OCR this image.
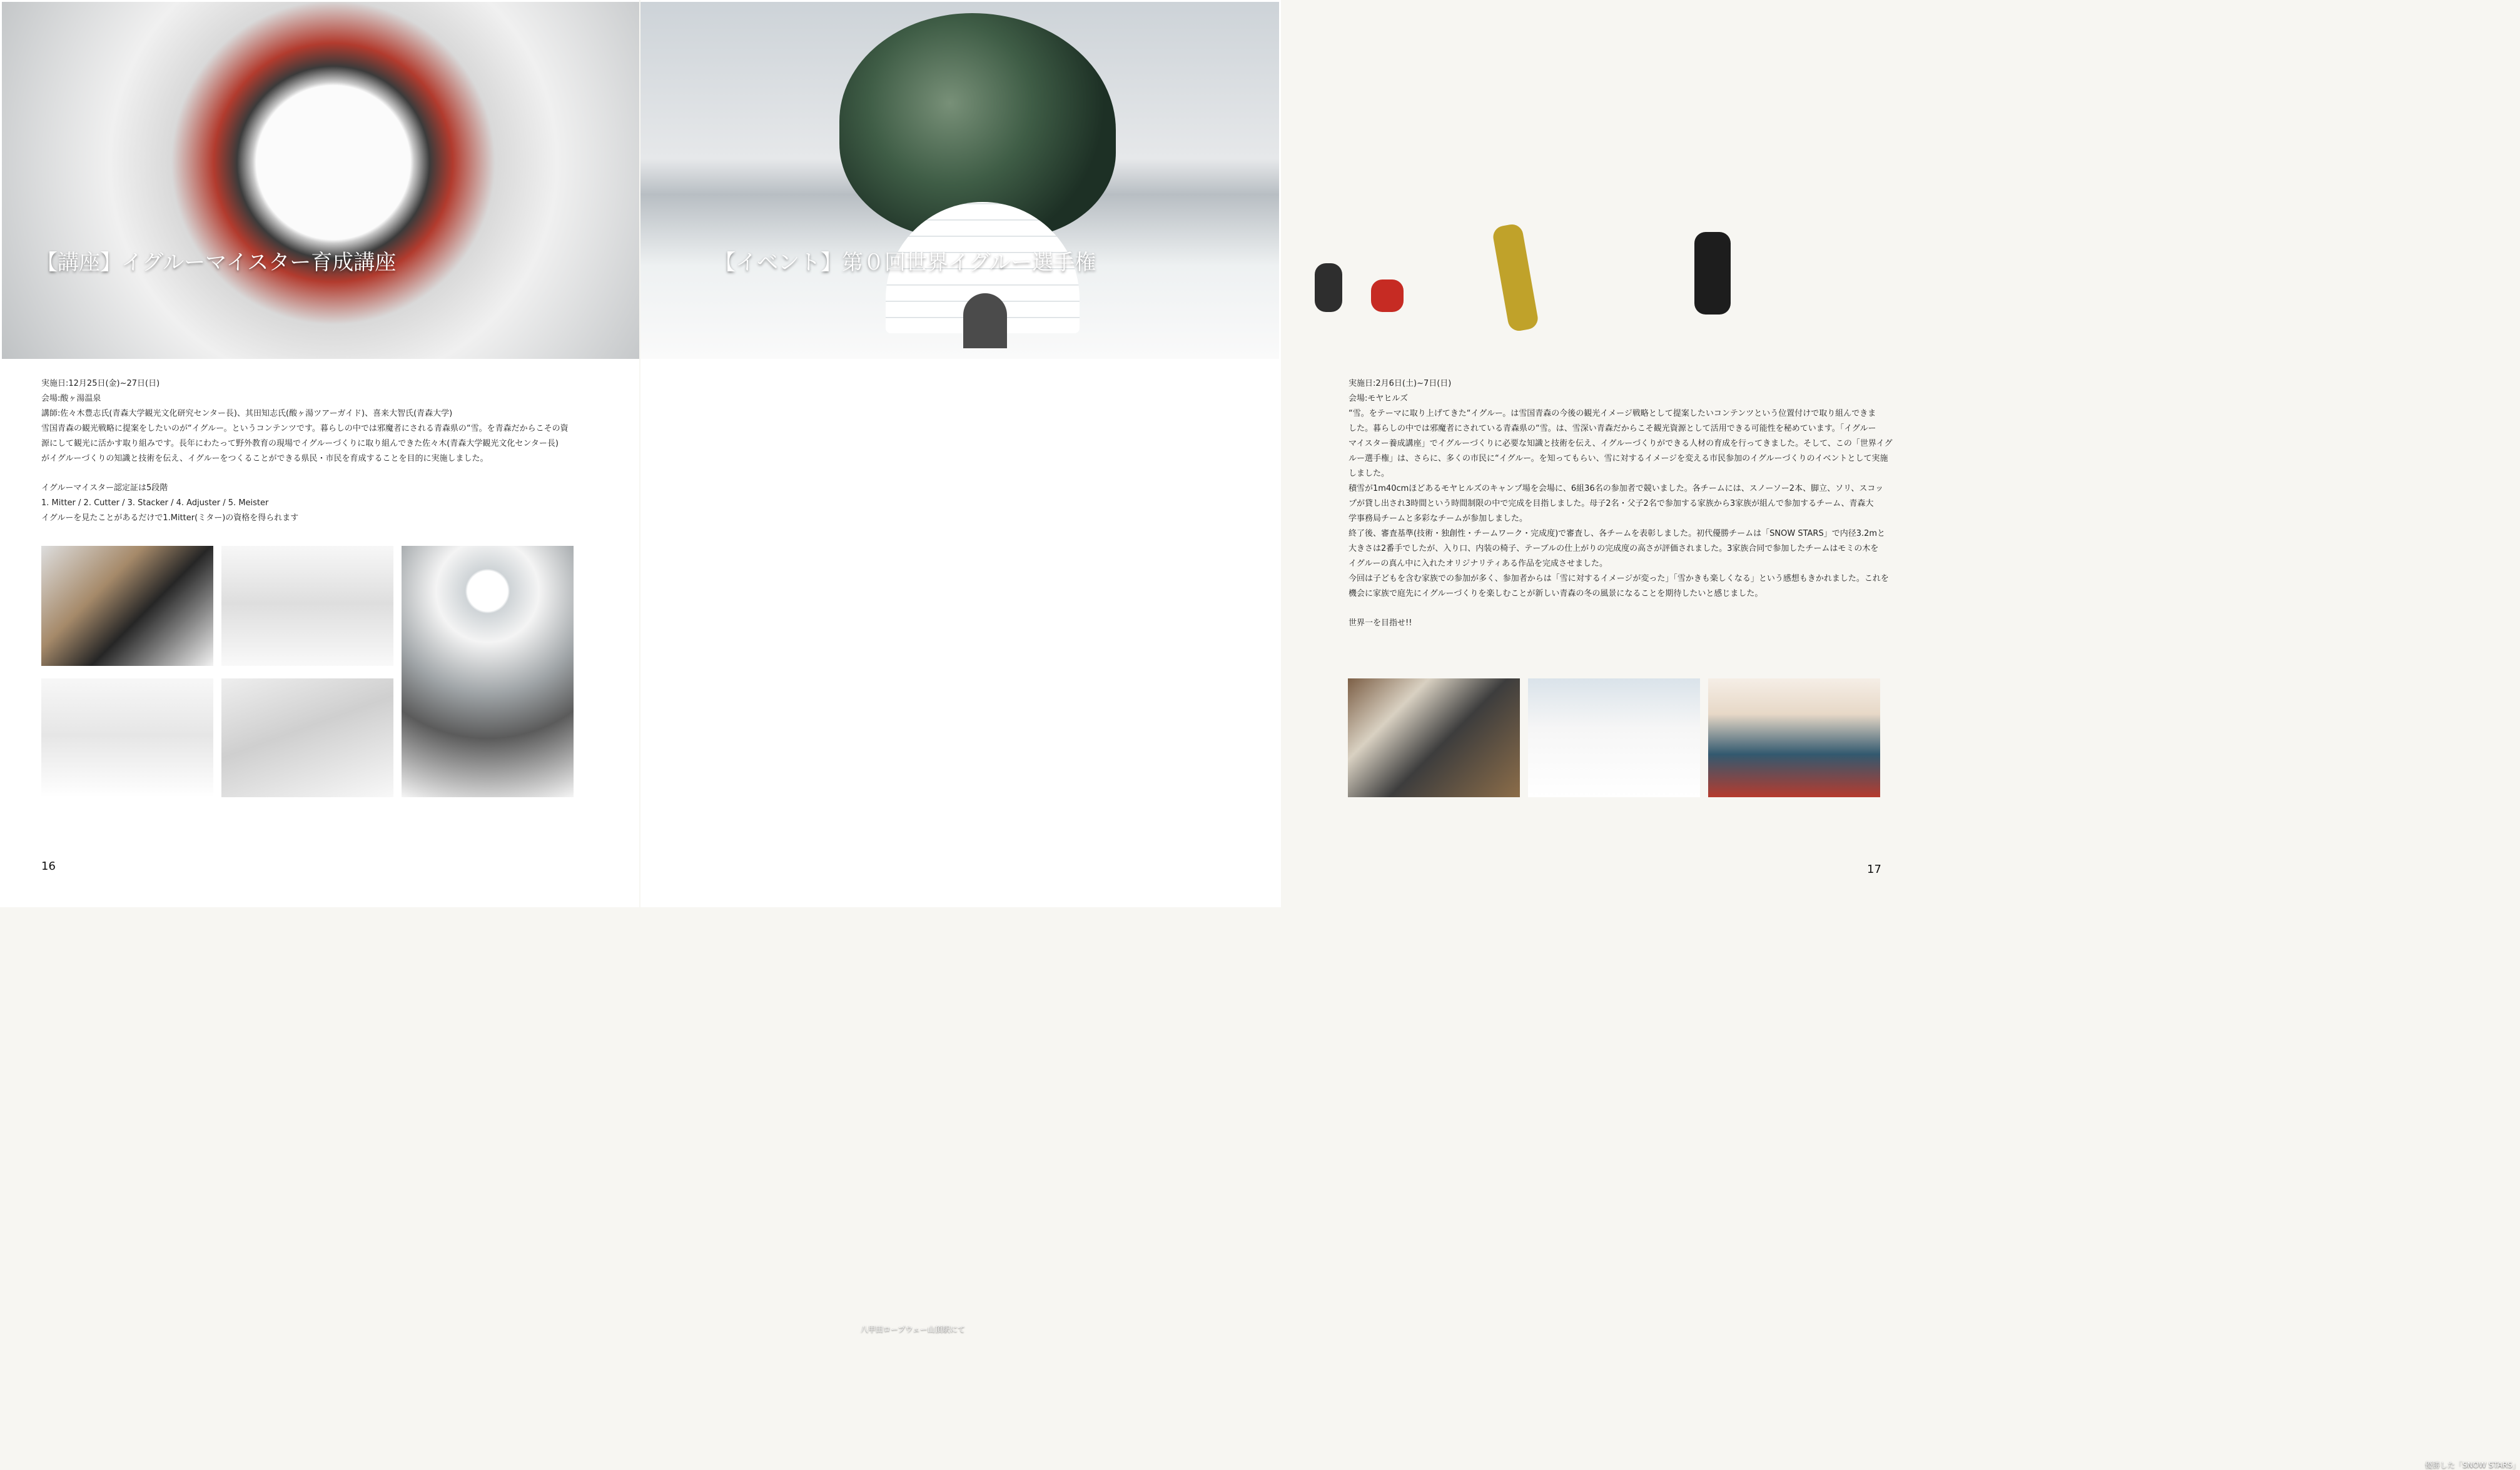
【講座】イグルーマイスター育成講座
実施日:12月25日(金)~27日(日)
会場:酸ヶ湯温泉
講師:佐々木豊志氏(青森大学観光文化研究センター長)、其田知志氏(酸ヶ湯ツアーガイド)、喜来大智氏(青森大学)
雪国青森の観光戦略に提案をしたいのが“イグルー。というコンテンツです。暮らしの中では邪魔者にされる青森県の“雪。を青森だからこその資
源にして観光に活かす取り組みです。長年にわたって野外教育の現場でイグルーづくりに取り組んできた佐々木(青森大学観光文化センター長)
がイグルーづくりの知識と技術を伝え、イグルーをつくることができる県民・市民を育成することを目的に実施しました。
イグルーマイスター認定証は5段階
1. Mitter / 2. Cutter / 3. Stacker / 4. Adjuster / 5. Meister
イグルーを見たことがあるだけで1.Mitter(ミター)の資格を得られます
八甲田ロープウェー山頂駅にて
16
【イベント】第０回世界イグルー選手権
実施日:2月6日(土)~7日(日)
会場:モヤヒルズ
“雪。をテーマに取り上げてきた“イグルー。は雪国青森の今後の観光イメージ戦略として提案したいコンテンツという位置付けで取り組んできま
した。暮らしの中では邪魔者にされている青森県の“雪。は、雪深い青森だからこそ観光資源として活用できる可能性を秘めています。「イグルー
マイスター養成講座」でイグルーづくりに必要な知識と技術を伝え、イグルーづくりができる人材の育成を行ってきました。そして、この「世界イグ
ルー選手権」は、さらに、多くの市民に“イグルー。を知ってもらい、雪に対するイメージを変える市民参加のイグルーづくりのイベントとして実施
しました。
積雪が1m40cmほどあるモヤヒルズのキャンプ場を会場に、6組36名の参加者で競いました。各チームには、スノーソー2本、脚立、ソリ、スコッ
プが貸し出され3時間という時間制限の中で完成を目指しました。母子2名・父子2名で参加する家族から3家族が組んで参加するチーム、青森大
学事務局チームと多彩なチームが参加しました。
終了後、審査基準(技術・独創性・チームワーク・完成度)で審査し、各チームを表彰しました。初代優勝チームは「SNOW STARS」で内径3.2mと
大きさは2番手でしたが、入り口、内装の椅子、テーブルの仕上がりの完成度の高さが評価されました。3家族合同で参加したチームはモミの木を
イグルーの真ん中に入れたオリジナリティある作品を完成させました。
今回は子どもを含む家族での参加が多く、参加者からは「雪に対するイメージが変った」「雪かきも楽しくなる」という感想もきかれました。これを
機会に家族で庭先にイグルーづくりを楽しむことが新しい青森の冬の風景になることを期待したいと感じました。
世界一を目指せ!!
優勝した「SNOW STARS」
17
